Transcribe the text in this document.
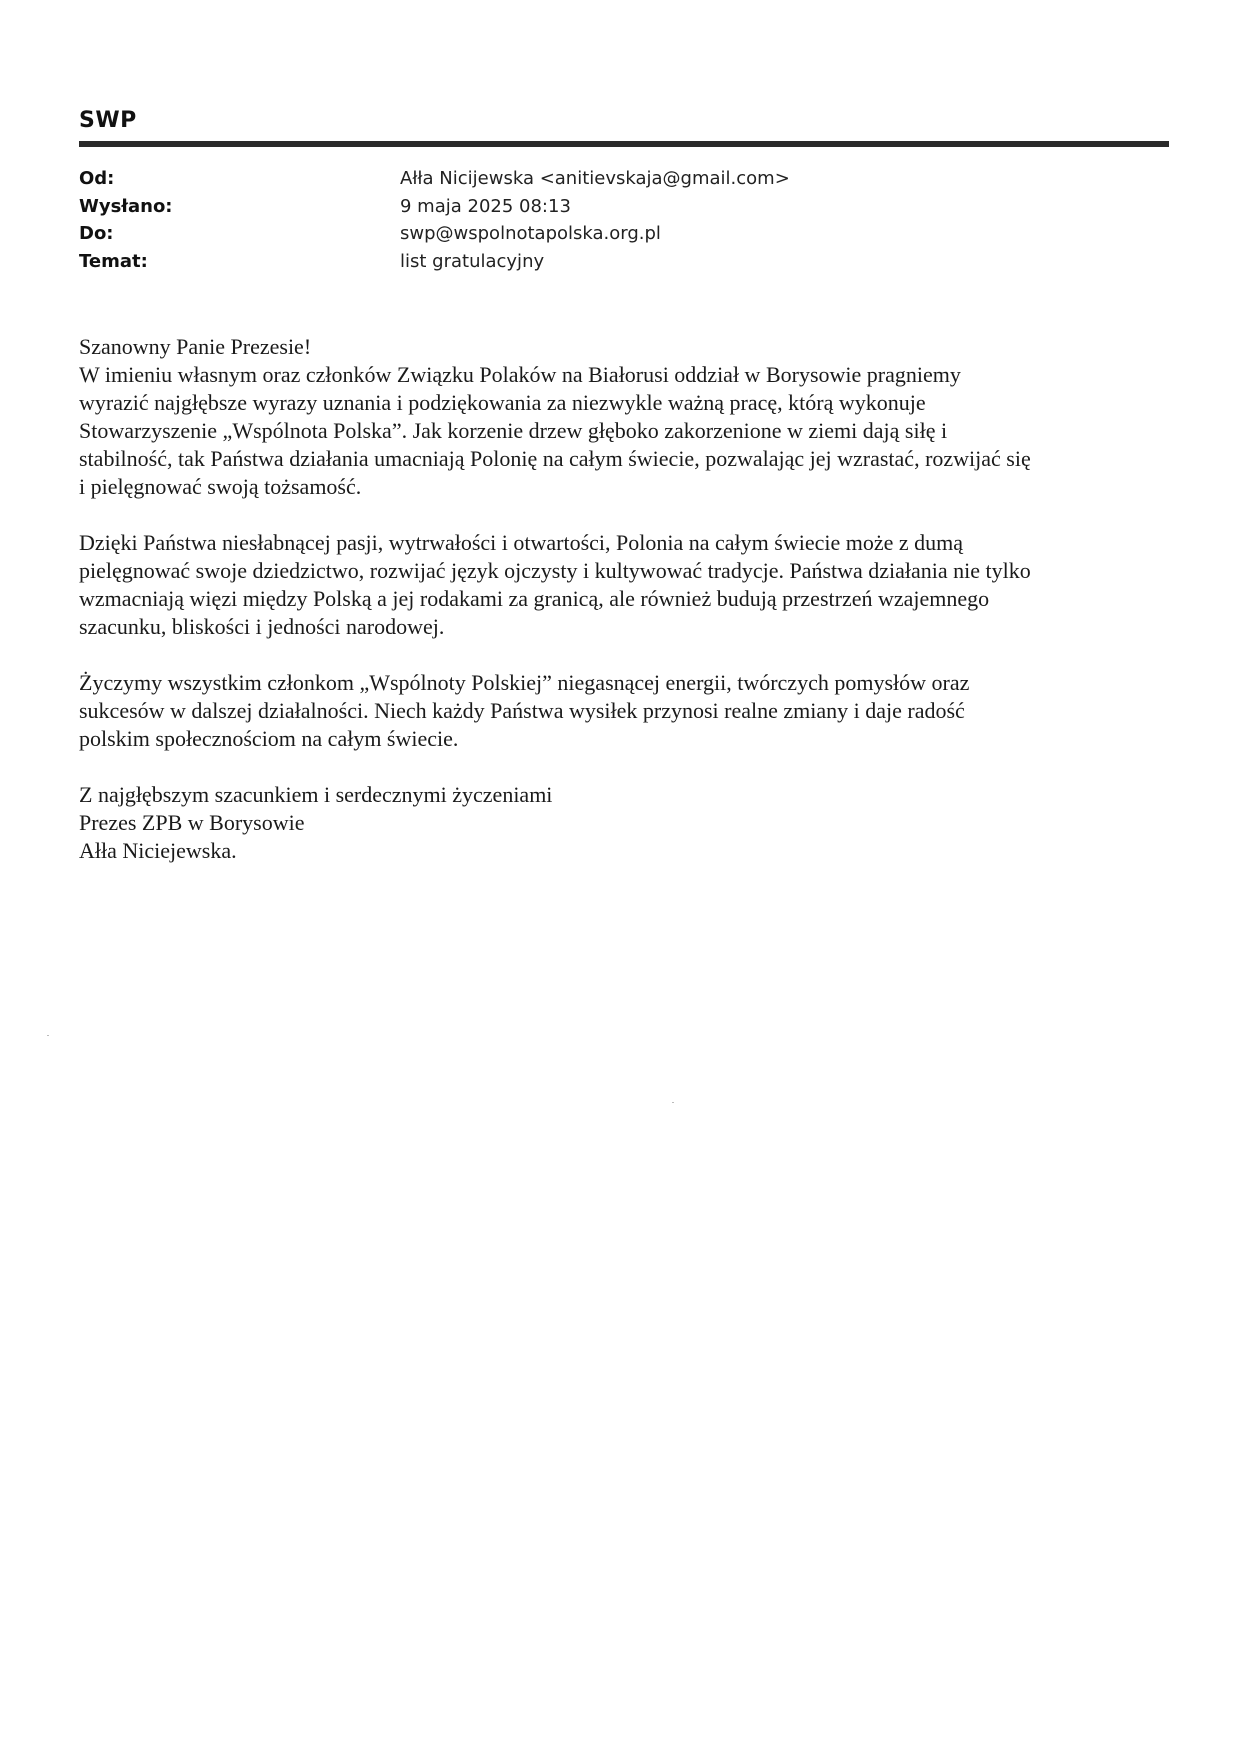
SWP
Od:	Ałła Nicijewska <anitievskaja@gmail.com>
Wysłano:	9 maja 2025 08:13
Do:	swp@wspolnotapolska.org.pl
Temat:	list gratulacyjny

Szanowny Panie Prezesie!
W imieniu własnym oraz członków Związku Polaków na Białorusi oddział w Borysowie pragniemy
wyrazić najgłębsze wyrazy uznania i podziękowania za niezwykle ważną pracę, którą wykonuje
Stowarzyszenie „Wspólnota Polska”. Jak korzenie drzew głęboko zakorzenione w ziemi dają siłę i
stabilność, tak Państwa działania umacniają Polonię na całym świecie, pozwalając jej wzrastać, rozwijać się
i pielęgnować swoją tożsamość.

Dzięki Państwa niesłabnącej pasji, wytrwałości i otwartości, Polonia na całym świecie może z dumą
pielęgnować swoje dziedzictwo, rozwijać język ojczysty i kultywować tradycje. Państwa działania nie tylko
wzmacniają więzi między Polską a jej rodakami za granicą, ale również budują przestrzeń wzajemnego
szacunku, bliskości i jedności narodowej.

Życzymy wszystkim członkom „Wspólnoty Polskiej” niegasnącej energii, twórczych pomysłów oraz
sukcesów w dalszej działalności. Niech każdy Państwa wysiłek przynosi realne zmiany i daje radość
polskim społecznościom na całym świecie.

Z najgłębszym szacunkiem i serdecznymi życzeniami
Prezes ZPB w Borysowie
Ałła Niciejewska.
